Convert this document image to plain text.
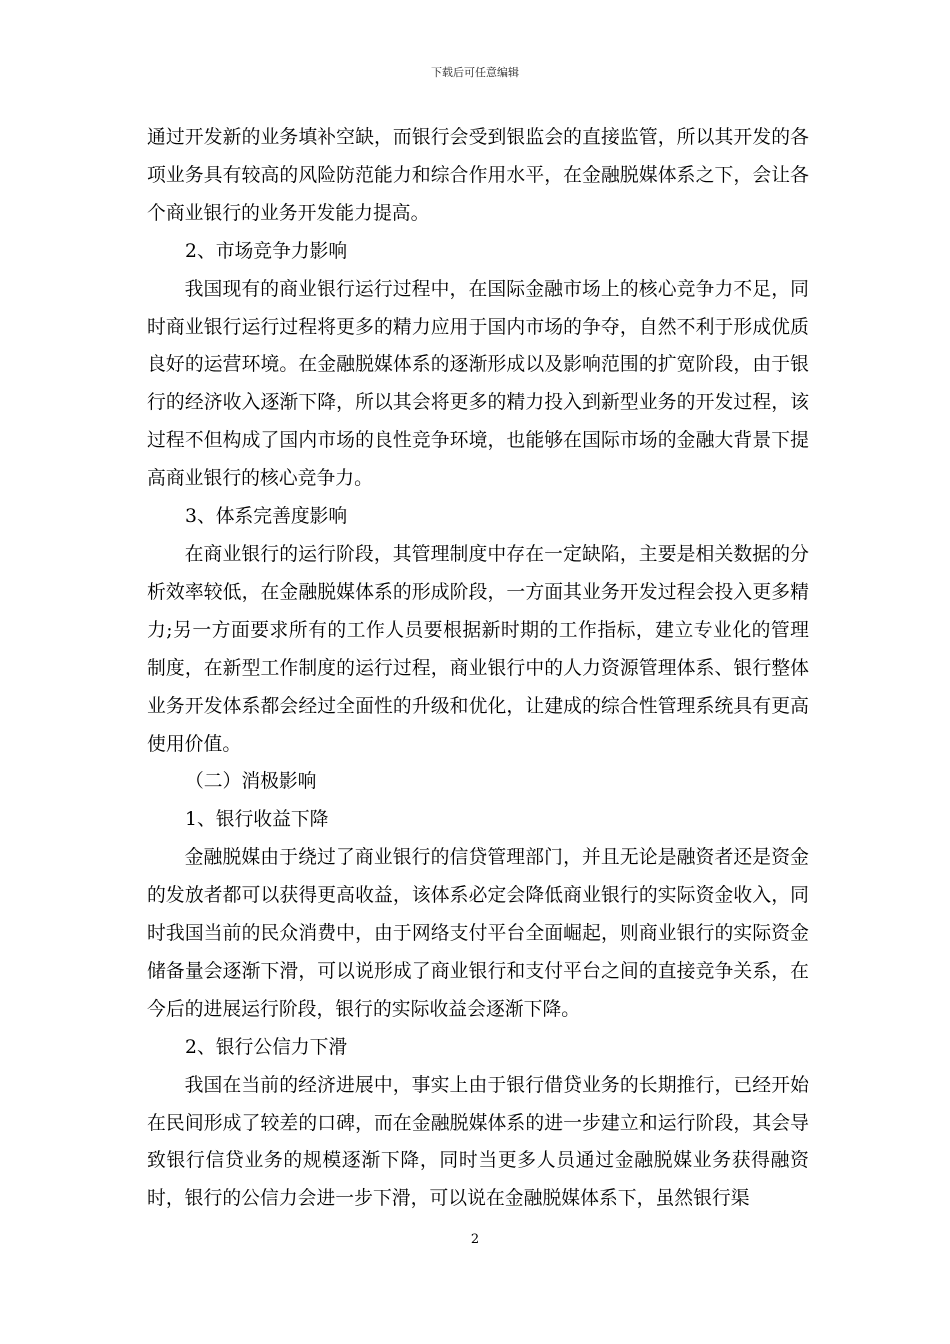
下载后可任意编辑

通过开发新的业务填补空缺，而银行会受到银监会的直接监管，所以其开发的各项业务具有较高的风险防范能力和综合作用水平，在金融脱媒体系之下，会让各个商业银行的业务开发能力提高。

2、市场竞争力影响

我国现有的商业银行运行过程中，在国际金融市场上的核心竞争力不足，同时商业银行运行过程将更多的精力应用于国内市场的争夺，自然不利于形成优质良好的运营环境。在金融脱媒体系的逐渐形成以及影响范围的扩宽阶段，由于银行的经济收入逐渐下降，所以其会将更多的精力投入到新型业务的开发过程，该过程不但构成了国内市场的良性竞争环境，也能够在国际市场的金融大背景下提高商业银行的核心竞争力。

3、体系完善度影响

在商业银行的运行阶段，其管理制度中存在一定缺陷，主要是相关数据的分析效率较低，在金融脱媒体系的形成阶段，一方面其业务开发过程会投入更多精力;另一方面要求所有的工作人员要根据新时期的工作指标，建立专业化的管理制度，在新型工作制度的运行过程，商业银行中的人力资源管理体系、银行整体业务开发体系都会经过全面性的升级和优化，让建成的综合性管理系统具有更高使用价值。

（二）消极影响

1、银行收益下降

金融脱媒由于绕过了商业银行的信贷管理部门，并且无论是融资者还是资金的发放者都可以获得更高收益，该体系必定会降低商业银行的实际资金收入，同时我国当前的民众消费中，由于网络支付平台全面崛起，则商业银行的实际资金储备量会逐渐下滑，可以说形成了商业银行和支付平台之间的直接竞争关系，在今后的进展运行阶段，银行的实际收益会逐渐下降。

2、银行公信力下滑

我国在当前的经济进展中，事实上由于银行借贷业务的长期推行，已经开始在民间形成了较差的口碑，而在金融脱媒体系的进一步建立和运行阶段，其会导致银行信贷业务的规模逐渐下降，同时当更多人员通过金融脱媒业务获得融资时，银行的公信力会进一步下滑，可以说在金融脱媒体系下，虽然银行渠

2
